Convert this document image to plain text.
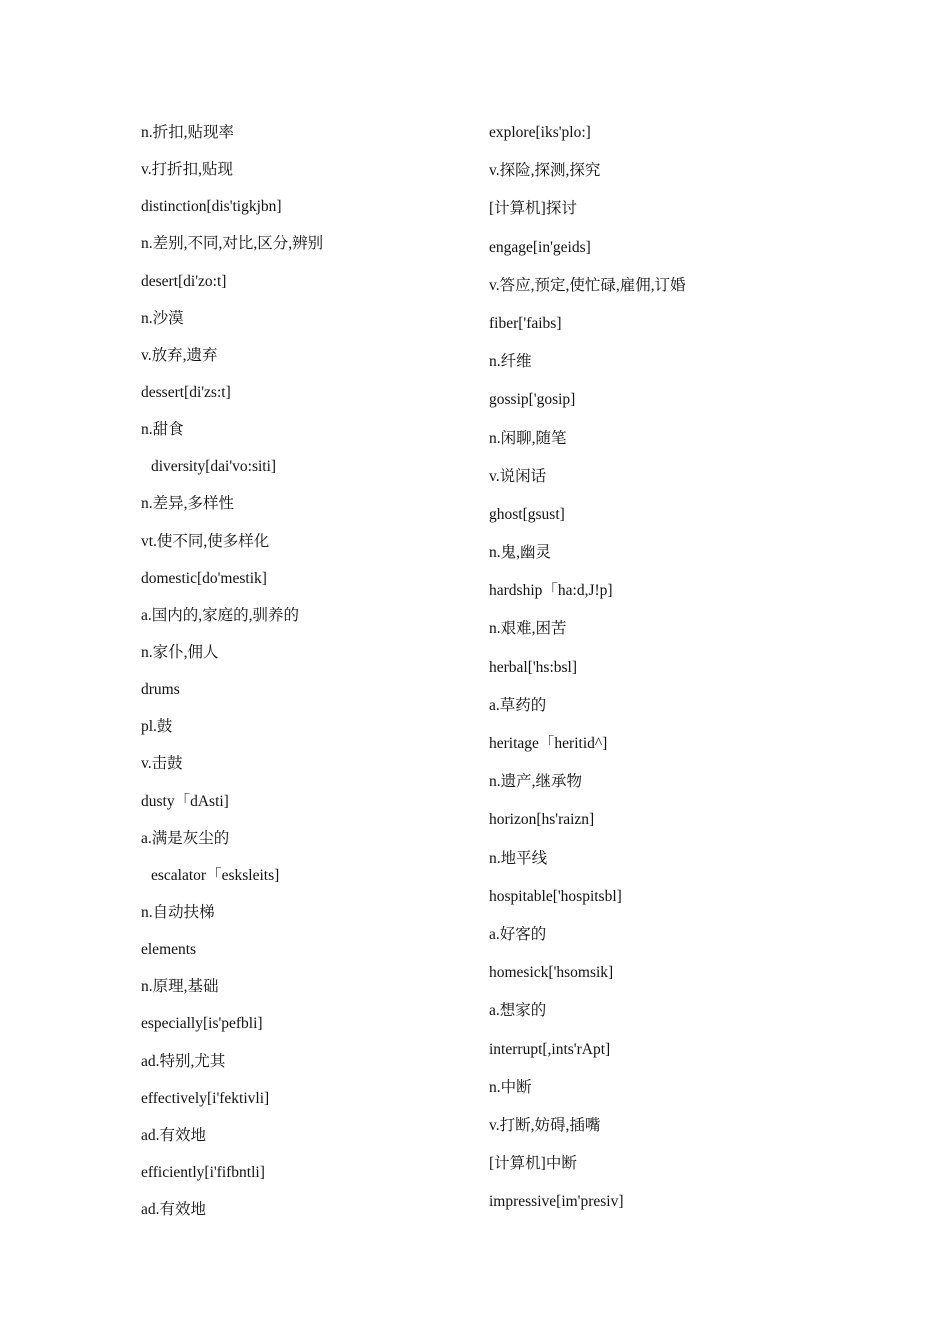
n.折扣,贴现率
v.打折扣,贴现
distinction[dis'tigkjbn]
n.差别,不同,对比,区分,辨别
desert[di'zo:t]
n.沙漠
v.放弃,遗弃
dessert[di'zs:t]
n.甜食
diversity[dai'vo:siti]
n.差异,多样性
vt.使不同,使多样化
domestic[do'mestik]
a.国内的,家庭的,驯养的
n.家仆,佣人
drums
pl.鼓
v.击鼓
dusty「dAsti]
a.满是灰尘的
escalator「esksleits]
n.自动扶梯
elements
n.原理,基础
especially[is'pefbli]
ad.特别,尤其
effectively[i'fektivli]
ad.有效地
efficiently[i'fifbntli]
ad.有效地
explore[iks'plo:]
v.探险,探测,探究
[计算机]探讨
engage[in'geids]
v.答应,预定,使忙碌,雇佣,订婚
fiber['faibs]
n.纤维
gossip['gosip]
n.闲聊,随笔
v.说闲话
ghost[gsust]
n.鬼,幽灵
hardship「ha:d,J!p]
n.艰难,困苦
herbal['hs:bsl]
a.草药的
heritage「heritid^]
n.遗产,继承物
horizon[hs'raizn]
n.地平线
hospitable['hospitsbl]
a.好客的
homesick['hsomsik]
a.想家的
interrupt[,ints'rApt]
n.中断
v.打断,妨碍,插嘴
[计算机]中断
impressive[im'presiv]
